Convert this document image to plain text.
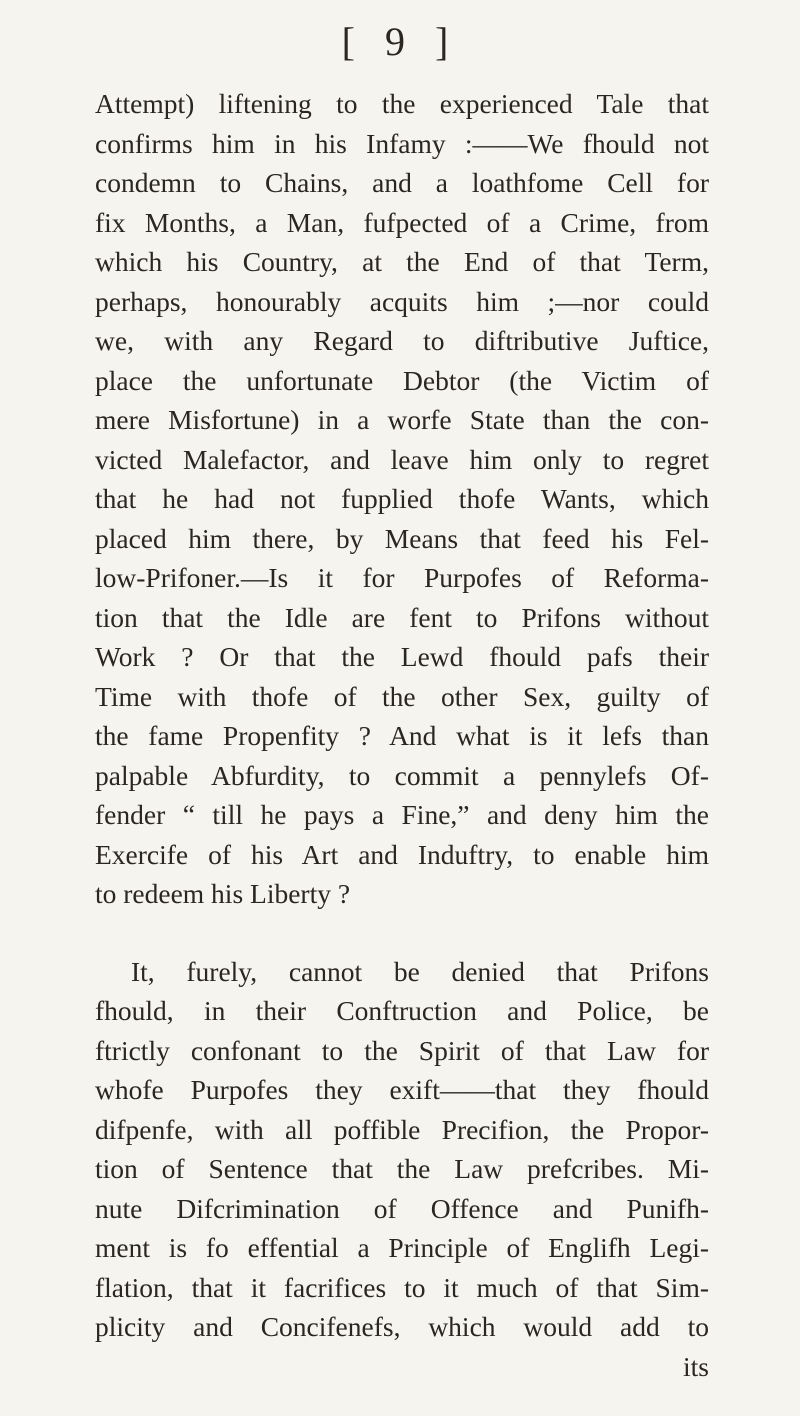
[ 9 ]
Attempt) liftening to the experienced Tale that
confirms him in his Infamy :——We fhould not
condemn to Chains, and a loathfome Cell for
fix Months, a Man, fufpected of a Crime, from
which his Country, at the End of that Term,
perhaps, honourably acquits him ;—nor could
we, with any Regard to diftributive Juftice,
place the unfortunate Debtor (the Victim of
mere Misfortune) in a worfe State than the con-
victed Malefactor, and leave him only to regret
that he had not fupplied thofe Wants, which
placed him there, by Means that feed his Fel-
low-Prifoner.—Is it for Purpofes of Reforma-
tion that the Idle are fent to Prifons without
Work ? Or that the Lewd fhould pafs their
Time with thofe of the other Sex, guilty of
the fame Propenfity ? And what is it lefs than
palpable Abfurdity, to commit a pennylefs Of-
fender “ till he pays a Fine,” and deny him the
Exercife of his Art and Induftry, to enable him
to redeem his Liberty ?
It, furely, cannot be denied that Prifons
fhould, in their Conftruction and Police, be
ftrictly confonant to the Spirit of that Law for
whofe Purpofes they exift——that they fhould
difpenfe, with all poffible Precifion, the Propor-
tion of Sentence that the Law prefcribes. Mi-
nute Difcrimination of Offence and Punifh-
ment is fo effential a Principle of Englifh Legi-
flation, that it facrifices to it much of that Sim-
plicity and Concifenefs, which would add to
its
